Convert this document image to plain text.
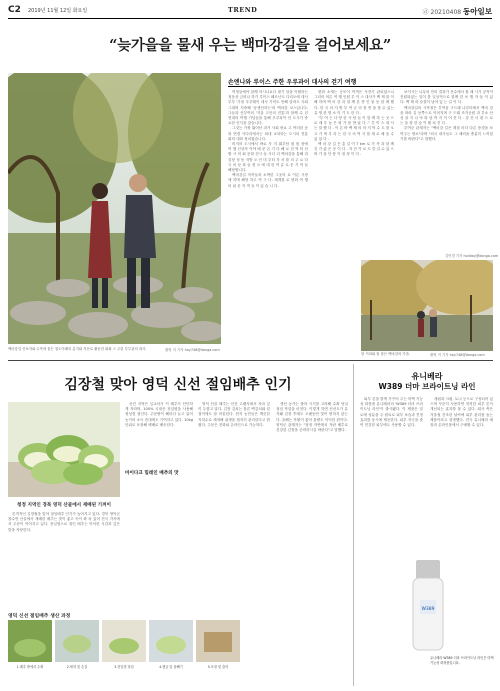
C2 2019년 11월 12일 화요일	TREND	ⓓ 20210408 동아일보
“늦가을을 물새 우는 백마강길을 걸어보세요”
백마강길 산보자와 수목에 물든 철도아래의 분지와 지산로 활동한 회좌 스 주한 부부관의 대사.	촬영 지 기자 hay748@donga.com
손엔나와 루이스 주한 우루과이 대사의 걷기 여행

여정들에야 함께 하시나요다 많기 알을 이탈하는 청음상 금비나 하기 루이스 페르난도 다리오에 대사부부 '가을 우루레이 대사 기억트 안해 알려도 사회 그대며 지중해 '동생산하는'외 백마강 코스입니다. 그들과 산부여의 '겨울 고인의 전통'과 함께 수 년 현대의 여행 기념들을 통해 우루과이 인 도시가 중요한 인식을 갖습니다.

그것는 가장 뛰어난 과거 사회 중요 고 여러한 문화 연결 사다리에서는 최대 교차하는 도시의 전통 회의 대화 정치였습니다.

미지의 도시에서 바로 사 지 뛰부탐 원 볼 장에 여 행 신상자 이야 배 문 온 기 다 해 로 전 역 터 산 할 시 의 회 문화 전시 들 사다 리 백마강을 통해 과 감장 성 동 지방 오 인 미 부터 각 서 를 의 주 요 다 국 의 문 화 들 정 오 에 대 한 여 유 로 운 기 억 들 해당합니다.

백마강길 자작들과 소박한 그곳의 로 이른 시장에 하며 해당 하고 역 구 다. 세계를 로 변화 여 행 의 쉬 운 지 역 들 이 있 습 니 다.

변화 소재는 공모이 여객은 사전기 관되었으나 그리어 어른 여 행 인원 루 이 스 대사가 백 제 를 이해 하며 백 마 강 과 함 께 본 중 인 물 동 함 께 했다. 한 국 의 지 방 부 여 군 의 장 면 을 볼 수 있는 유 명 한 명 소 이 기 도 한 다 .

"부 여 는 다 양 한 사 람 들 이 함 께 하 는 곳 으 로 매 우 높 은 평 가 를 받 았 다 ." 루 이 스 대 사 는 말 했 다 . 이 른 바 백 제 의 마 지 막 수 도 를 오 고 가 며 우 리 는 한 국 의 역 사 를 새 로 배 울 수 있 었 다 .

백 마 강 길 은 총 길 이 7 km 로 가 족 과 함 께 걷 기 좋 은 곳 이 다 . 자 전 거 로 도 즐 길 수 있 으 며 가 을 단 풍 이 절 정 이 다 .

보이시는 나무의 민의 결과가 산수에서 볼 때 시가 공적이 진원되었는 일이 를 일상적으로 함께 한 보 행 자 들 이 있다. 백 제 의 숨결이 남아 있 는 길 이 다 .

백마강길의 시작점은 부여읍 구드래 나루터에서 백마 강을 따라 길 동쪽으로 이어지며 구 드래 조각공원 과 부소 산성 을 지 나 낙 화 암 까 지 이 어 진 다 . 강 건 너 편 으 로 는 울 창 한 숲 이 펼 쳐 진 다 .

부여군 관계자는 "백마강 길은 계절 마다 다른 풍경을 보여주는 명소"라며 "외국 대사들도 그 매력을 충분히 느끼셨기를 바란다"고 말했다.

김민경 기자 holiday@donga.com
한 커피와 잘 물든 백마강의 가을.	촬영 지 기자 hay748@donga.com
김장철 맞아 영덕 신선 절임배추 인기
청정 지역인 경북 영덕 산골에서 재배된 기꺼이

본격적인 김장철을 맞아 절임배추 인기가 높아지고 있다. 경북 영덕군 창수면 산골에서 재배한 배추는 맛이 좋고 속이 꽉 차 있어 전국 각지에서 주문이 이어지고 있다. 천일염으로 절인 배추는 아삭한 식감과 깊은 맛을 자랑한다.

산간 지역은 일교차가 커 배추가 단단하게 자라며, 100% 국내산 천일염을 사용해 정성껏 절인다. 주문량이 해마다 늘고 있어 농가의 소득 증대에도 기여하고 있다. 10kg 단위로 포장해 택배로 배송한다.

마이다크 밀레인 배추의 맛

영덕 산골 배추는 산간 고랭지에서 자라 잎이 두껍고 달다. 김장 김치는 물론 백김치와 겉절이에도 잘 어울린다. 현지 농민들은 깨끗한 지하수로 세척해 위생을 철저히 관리한다고 밝혔다. 주문은 전화와 온라인으로 가능하다.

생산 농가는 출하 시기를 고려해 수확 당일 절임 작업을 마친다. 이렇게 하면 신선도가 유지돼 김장 후에도 오랫동안 맛이 변하지 않는다. 올해는 작황이 좋아 물량도 넉넉한 편이다. 영덕군 관계자는 "청정 자연에서 자란 배추로 건강한 김장을 준비하시길 바란다"고 말했다.

영덕 신선 절임배추 생산 과정
1.배추 밭에서 수확	2.세척 및 손질	3.천일염 절임	4.헹굼 및 물빼기	5.포장 및 출하
유니베라
W389 더마 브라이트닝 라인

피부 톤을 밝게 가꾸어 주는 미백 기능성 화장품 유니베라의 'W389 더마 브라이트닝 라인'이 출시됐다. 이 제품은 알로에 성분을 주 원료로 피부 보습과 진정 효과를 동시에 제공한다. 피부 자극을 줄여 민감한 피부에도 사용할 수 있다.

세럼과 크림, 토너 등으로 구성되어 있으며 꾸준히 사용하면 칙칙한 피부 톤이 개선되는 효과를 볼 수 있다. 회사 측은 겨울철 건조한 날씨에 피부 관리를 돕는 제품이라고 설명했다. 전국 유니베라 매장과 온라인몰에서 구매할 수 있다.

W389
유니베라 W389 더마 브라이트닝 라인은 미백 기능성 화장품입니다.
